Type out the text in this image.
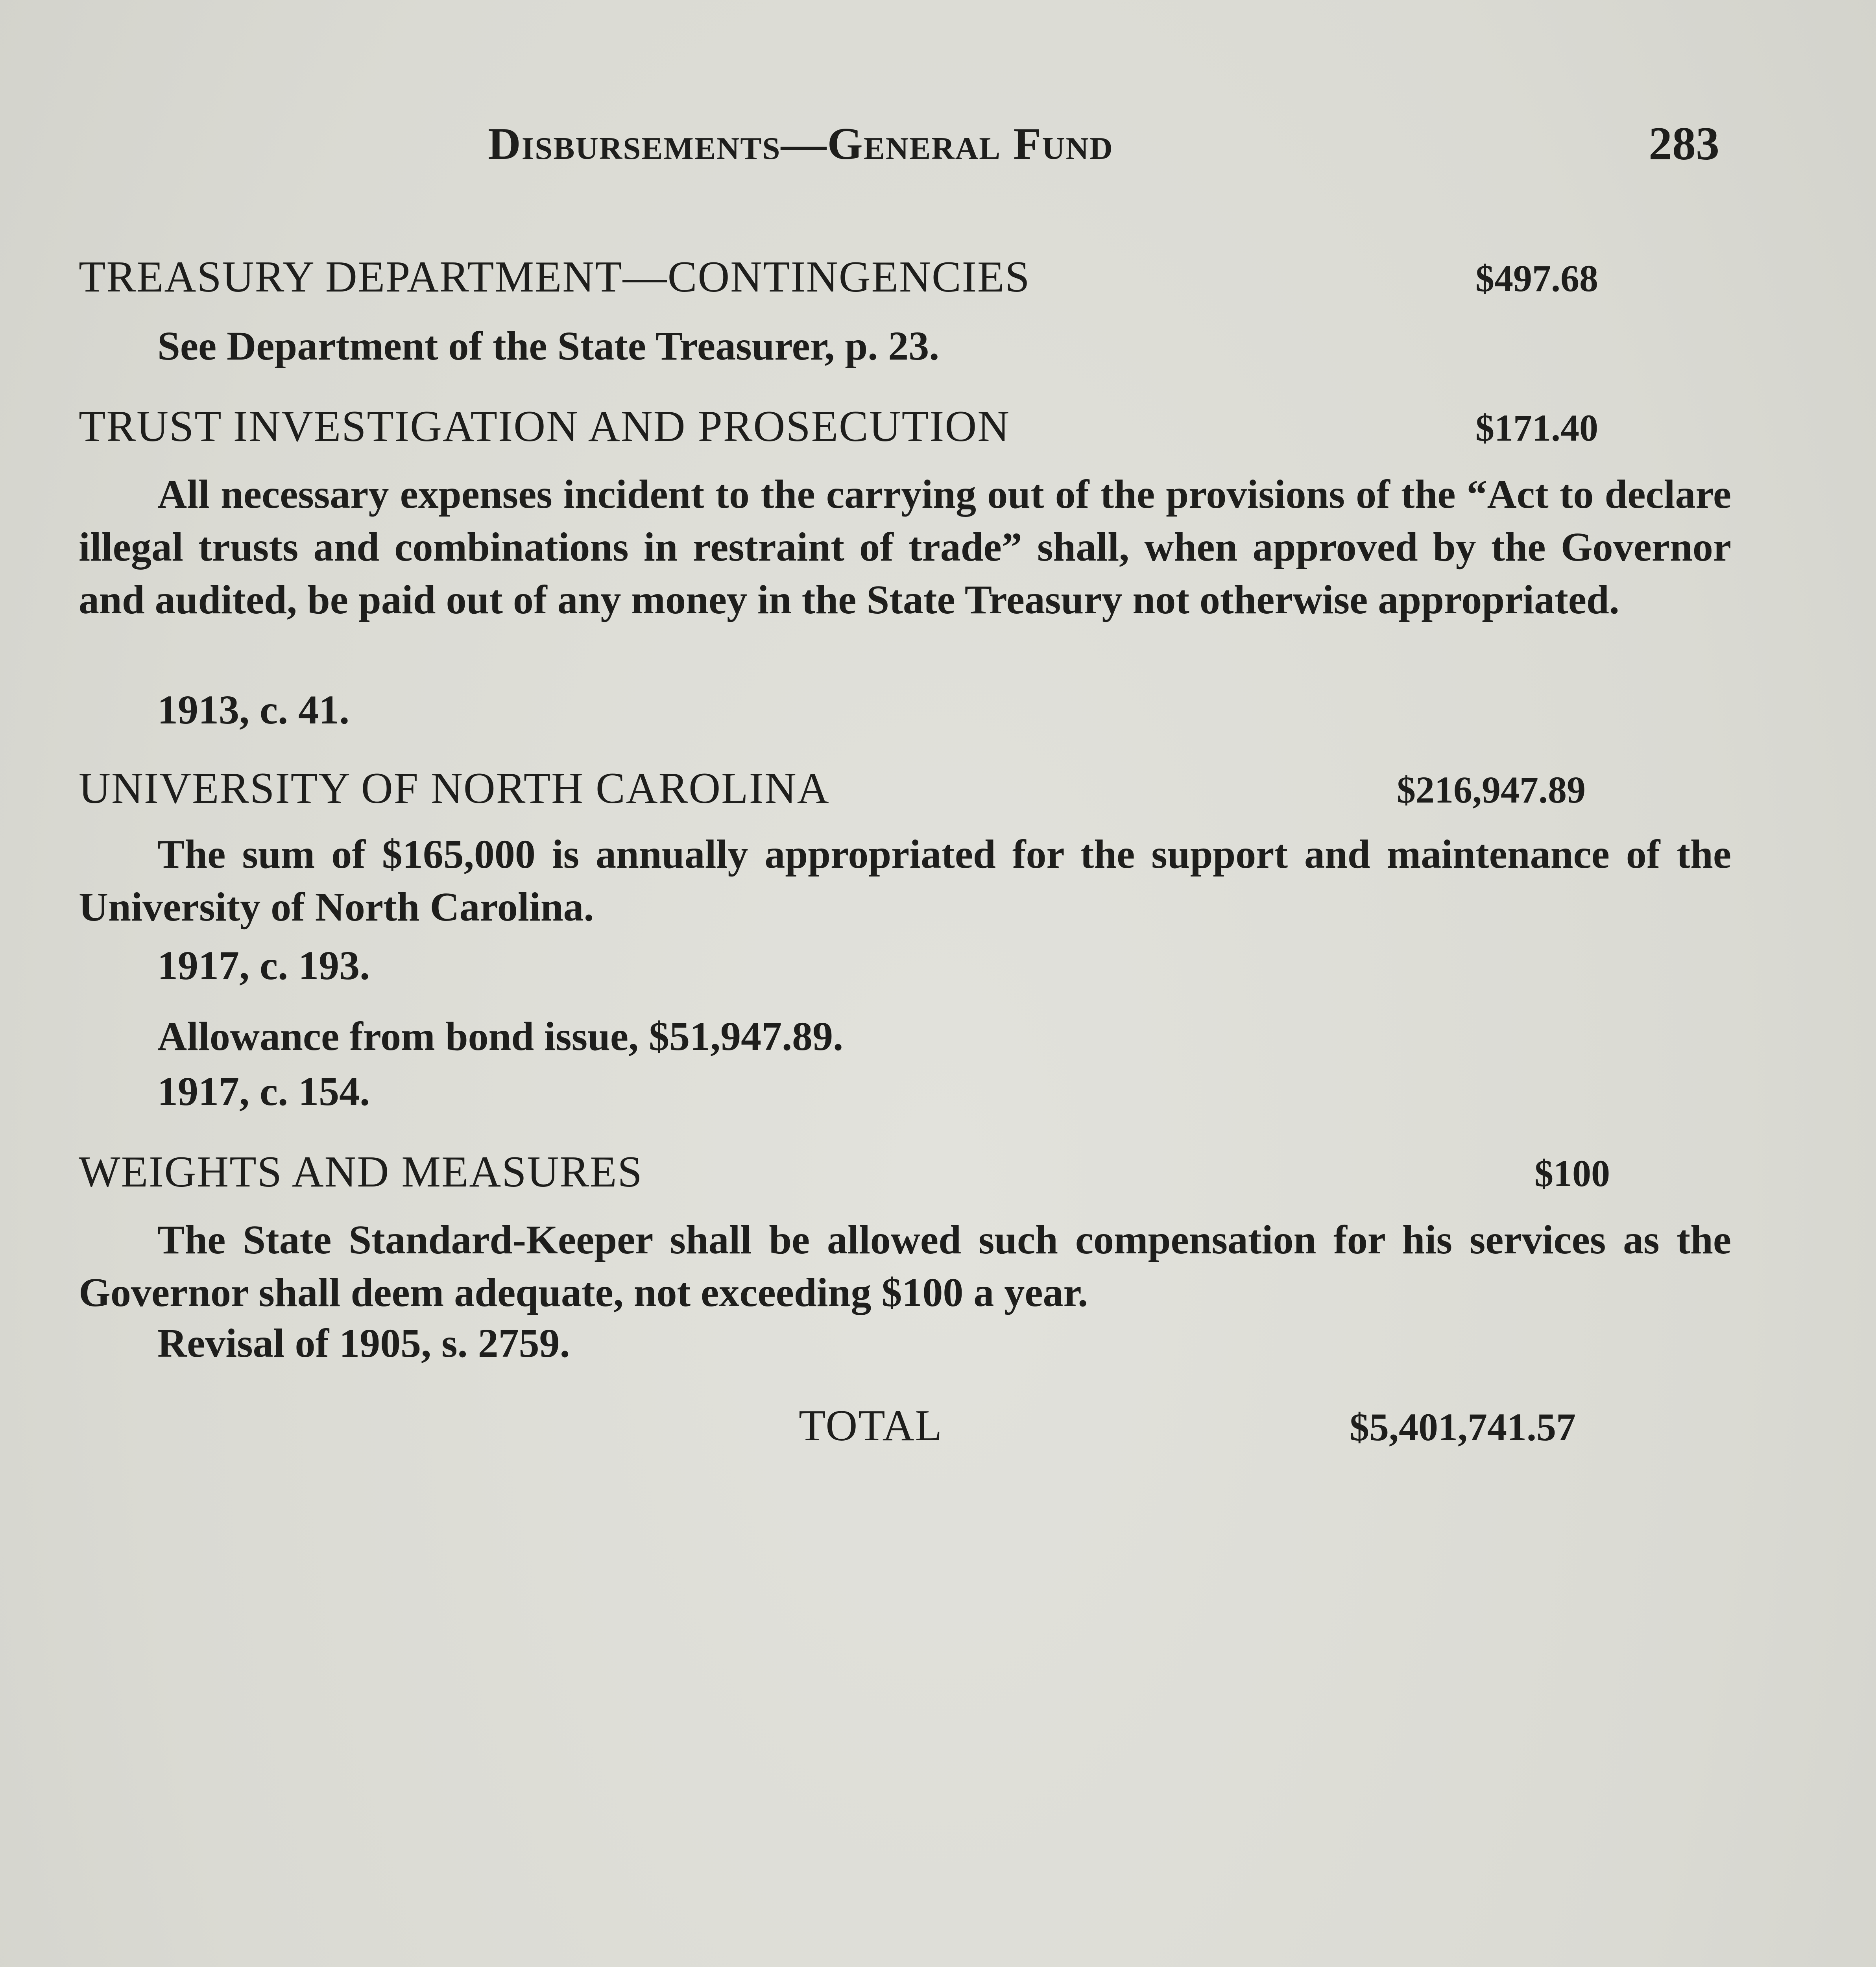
Disbursements—General Fund	283
TREASURY DEPARTMENT—CONTINGENCIES	$497.68
See Department of the State Treasurer, p. 23.
TRUST INVESTIGATION AND PROSECUTION	$171.40
All necessary expenses incident to the carrying out of the provisions of the “Act to declare illegal trusts and combinations in restraint of trade” shall, when approved by the Governor and audited, be paid out of any money in the State Treasury not otherwise appropriated.
1913, c. 41.
UNIVERSITY OF NORTH CAROLINA	$216,947.89
The sum of $165,000 is annually appropriated for the support and maintenance of the University of North Carolina.
1917, c. 193.
Allowance from bond issue, $51,947.89.
1917, c. 154.
WEIGHTS AND MEASURES	$100
The State Standard-Keeper shall be allowed such compensation for his services as the Governor shall deem adequate, not exceeding $100 a year.
Revisal of 1905, s. 2759.
TOTAL	$5,401,741.57
